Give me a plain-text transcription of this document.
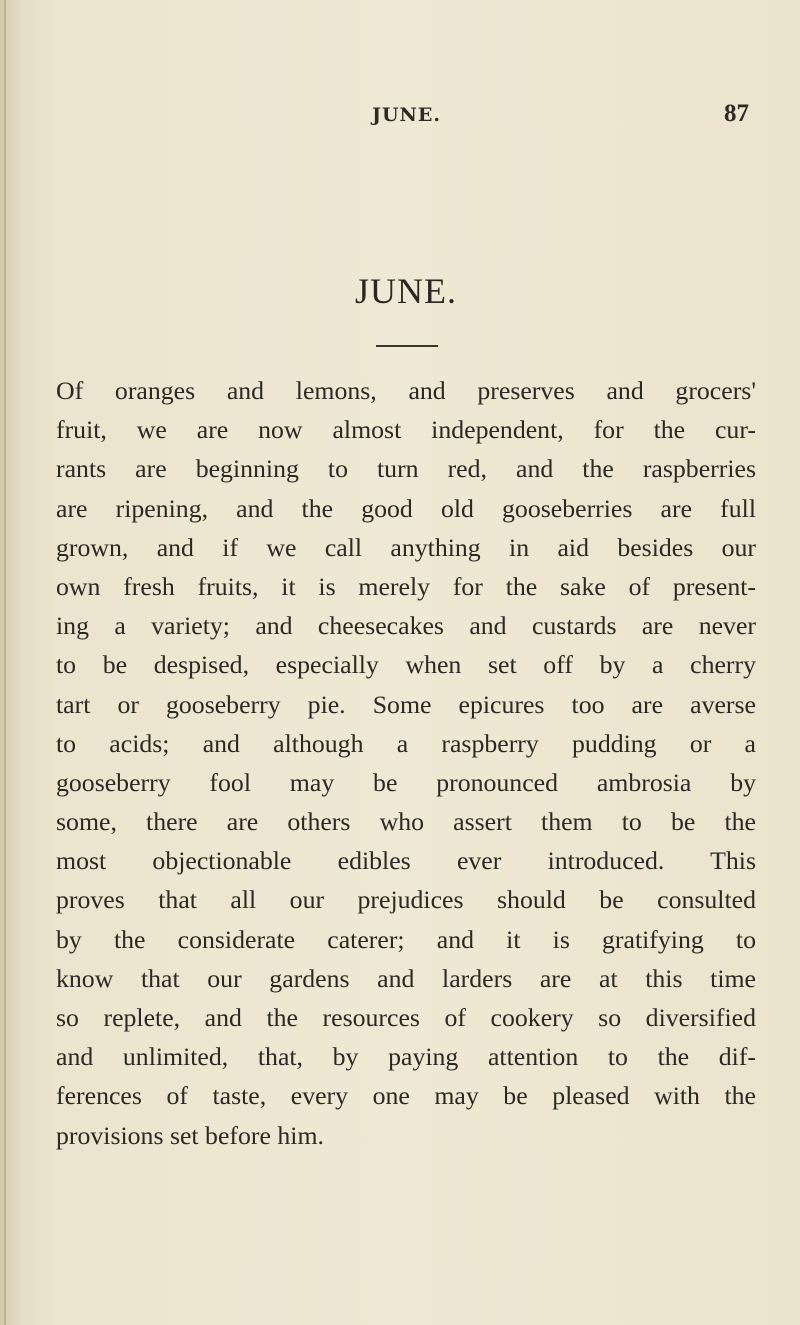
JUNE.	87
JUNE.
Of oranges and lemons, and preserves and grocers'
fruit, we are now almost independent, for the cur-
rants are beginning to turn red, and the raspberries
are ripening, and the good old gooseberries are full
grown, and if we call anything in aid besides our
own fresh fruits, it is merely for the sake of present-
ing a variety; and cheesecakes and custards are never
to be despised, especially when set off by a cherry
tart or gooseberry pie. Some epicures too are averse
to acids; and although a raspberry pudding or a
gooseberry fool may be pronounced ambrosia by
some, there are others who assert them to be the
most objectionable edibles ever introduced. This
proves that all our prejudices should be consulted
by the considerate caterer; and it is gratifying to
know that our gardens and larders are at this time
so replete, and the resources of cookery so diversified
and unlimited, that, by paying attention to the dif-
ferences of taste, every one may be pleased with the
provisions set before him.
